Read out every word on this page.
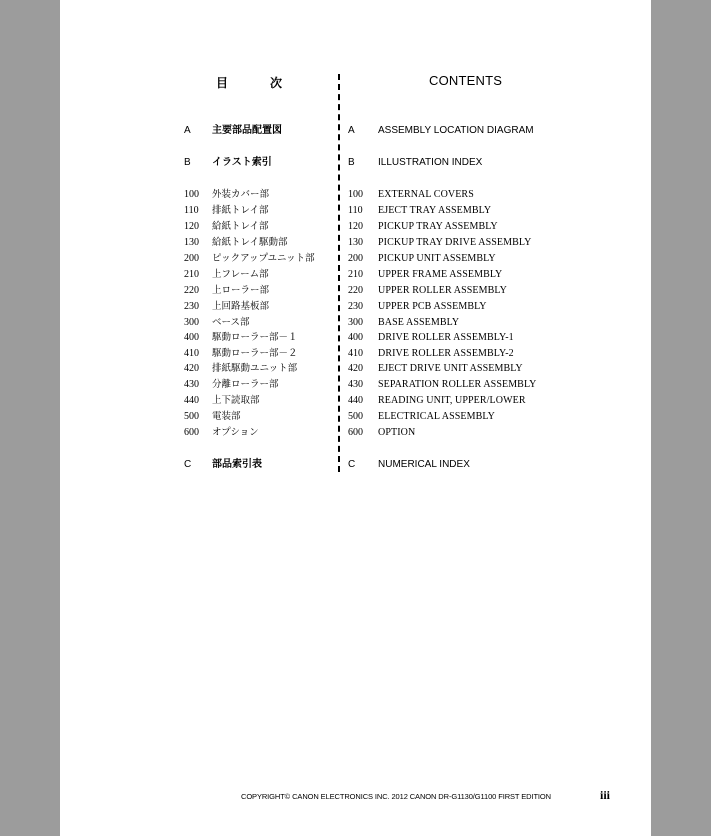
目	次	CONTENTS
A	主要部品配置図	A	ASSEMBLY LOCATION DIAGRAM
B	イラスト索引	B	ILLUSTRATION INDEX
100	外装カバー部	100	EXTERNAL COVERS
110	排紙トレイ部	110	EJECT TRAY ASSEMBLY
120	給紙トレイ部	120	PICKUP TRAY ASSEMBLY
130	給紙トレイ駆動部	130	PICKUP TRAY DRIVE ASSEMBLY
200	ピックアップユニット部	200	PICKUP UNIT ASSEMBLY
210	上フレーム部	210	UPPER FRAME ASSEMBLY
220	上ローラー部	220	UPPER ROLLER ASSEMBLY
230	上回路基板部	230	UPPER PCB ASSEMBLY
300	ベース部	300	BASE ASSEMBLY
400	駆動ローラー部－１	400	DRIVE ROLLER ASSEMBLY-1
410	駆動ローラー部－２	410	DRIVE ROLLER ASSEMBLY-2
420	排紙駆動ユニット部	420	EJECT DRIVE UNIT ASSEMBLY
430	分離ローラー部	430	SEPARATION ROLLER ASSEMBLY
440	上下読取部	440	READING UNIT, UPPER/LOWER
500	電装部	500	ELECTRICAL ASSEMBLY
600	オプション	600	OPTION
C	部品索引表	C	NUMERICAL INDEX
COPYRIGHT© CANON ELECTRONICS INC. 2012 CANON DR-G1130/G1100 FIRST EDITION	iii
